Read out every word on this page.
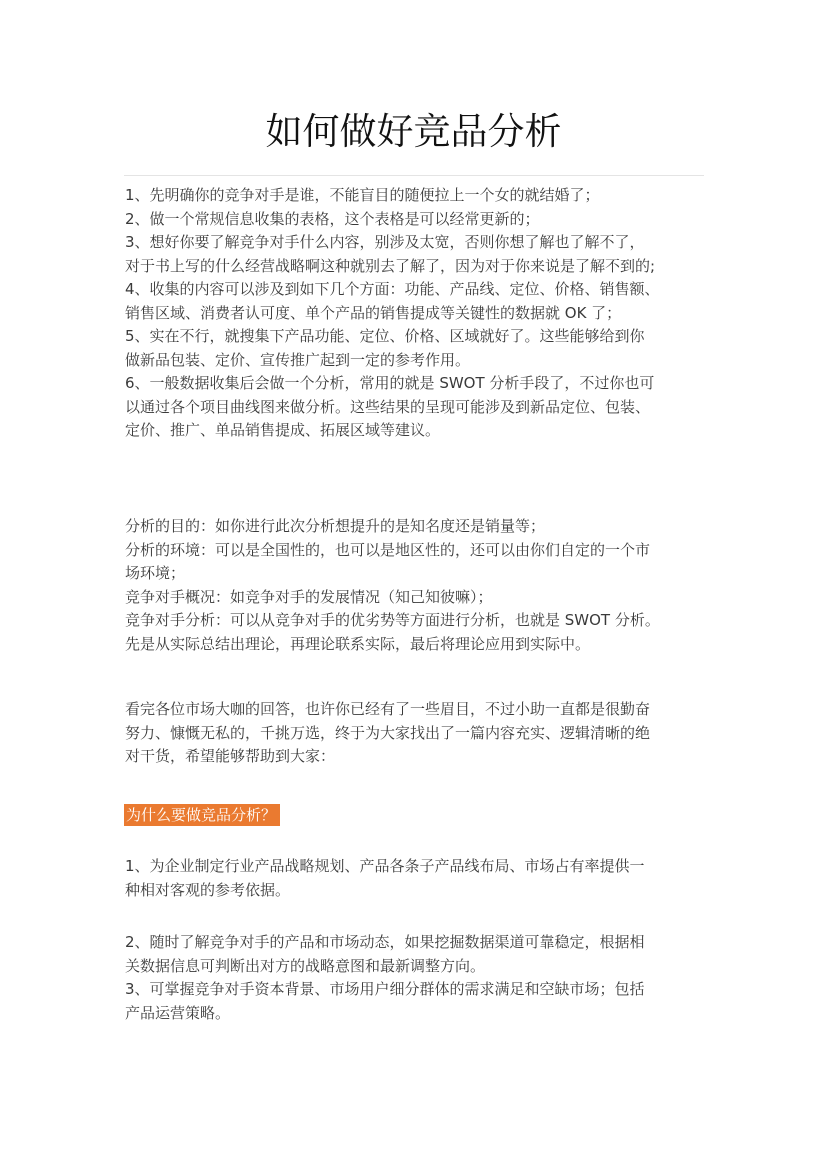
如何做好竞品分析
1、先明确你的竞争对手是谁，不能盲目的随便拉上一个女的就结婚了；
2、做一个常规信息收集的表格，这个表格是可以经常更新的；
3、想好你要了解竞争对手什么内容，别涉及太宽，否则你想了解也了解不了，
对于书上写的什么经营战略啊这种就别去了解了，因为对于你来说是了解不到的;
4、收集的内容可以涉及到如下几个方面：功能、产品线、定位、价格、销售额、
销售区域、消费者认可度、单个产品的销售提成等关键性的数据就 OK 了；
5、实在不行，就搜集下产品功能、定位、价格、区域就好了。这些能够给到你
做新品包装、定价、宣传推广起到一定的参考作用。
6、一般数据收集后会做一个分析，常用的就是 SWOT 分析手段了，不过你也可
以通过各个项目曲线图来做分析。这些结果的呈现可能涉及到新品定位、包装、
定价、推广、单品销售提成、拓展区域等建议。
分析的目的：如你进行此次分析想提升的是知名度还是销量等；
分析的环境：可以是全国性的，也可以是地区性的，还可以由你们自定的一个市
场环境；
竞争对手概况：如竞争对手的发展情况（知己知彼嘛）；
竞争对手分析：可以从竞争对手的优劣势等方面进行分析，也就是 SWOT 分析。
先是从实际总结出理论，再理论联系实际，最后将理论应用到实际中。
看完各位市场大咖的回答，也许你已经有了一些眉目，不过小助一直都是很勤奋
努力、慷慨无私的，千挑万选，终于为大家找出了一篇内容充实、逻辑清晰的绝
对干货，希望能够帮助到大家：
为什么要做竞品分析？
1、为企业制定行业产品战略规划、产品各条子产品线布局、市场占有率提供一
种相对客观的参考依据。
2、随时了解竞争对手的产品和市场动态，如果挖掘数据渠道可靠稳定，根据相
关数据信息可判断出对方的战略意图和最新调整方向。
3、可掌握竞争对手资本背景、市场用户细分群体的需求满足和空缺市场；包括
产品运营策略。
